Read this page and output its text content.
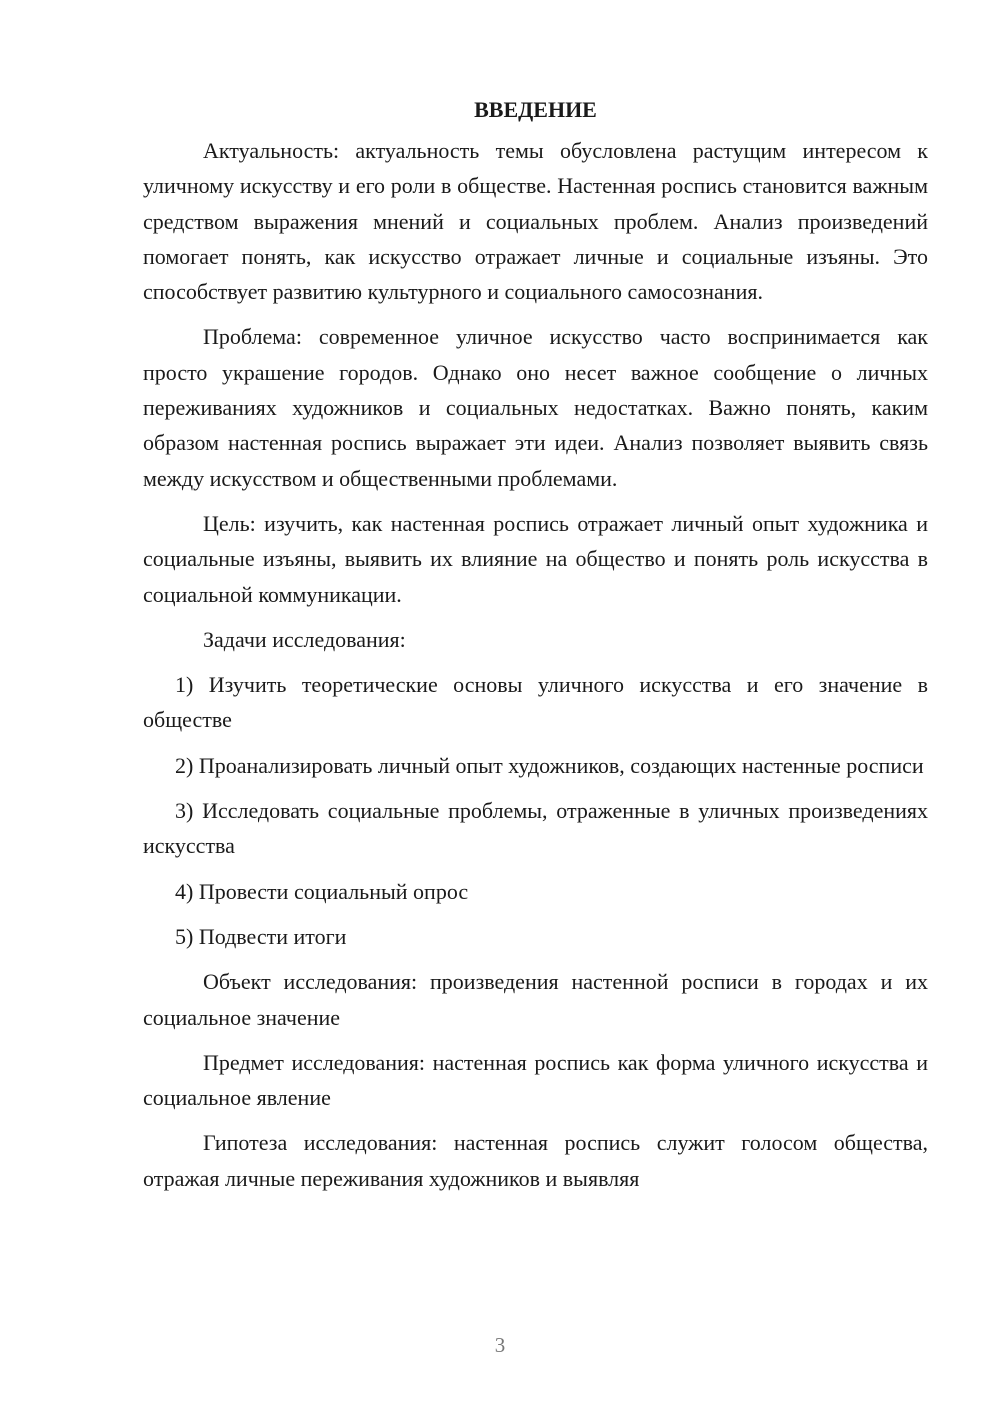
ВВЕДЕНИЕ

Актуальность: актуальность темы обусловлена растущим интересом к уличному искусству и его роли в обществе. Настенная роспись становится важным средством выражения мнений и социальных проблем. Анализ произведений помогает понять, как искусство отражает личные и социальные изъяны. Это способствует развитию культурного и социального самосознания.

Проблема: современное уличное искусство часто воспринимается как просто украшение городов. Однако оно несет важное сообщение о личных переживаниях художников и социальных недостатках. Важно понять, каким образом настенная роспись выражает эти идеи. Анализ позволяет выявить связь между искусством и общественными проблемами.

Цель: изучить, как настенная роспись отражает личный опыт художника и социальные изъяны, выявить их влияние на общество и понять роль искусства в социальной коммуникации.

Задачи исследования:

1) Изучить теоретические основы уличного искусства и его значение в обществе

2) Проанализировать личный опыт художников, создающих настенные росписи

3) Исследовать социальные проблемы, отраженные в уличных произведениях искусства

4) Провести социальный опрос

5) Подвести итоги

Объект исследования: произведения настенной росписи в городах и их социальное значение

Предмет исследования: настенная роспись как форма уличного искусства и социальное явление

Гипотеза исследования: настенная роспись служит голосом общества, отражая личные переживания художников и выявляя

3
